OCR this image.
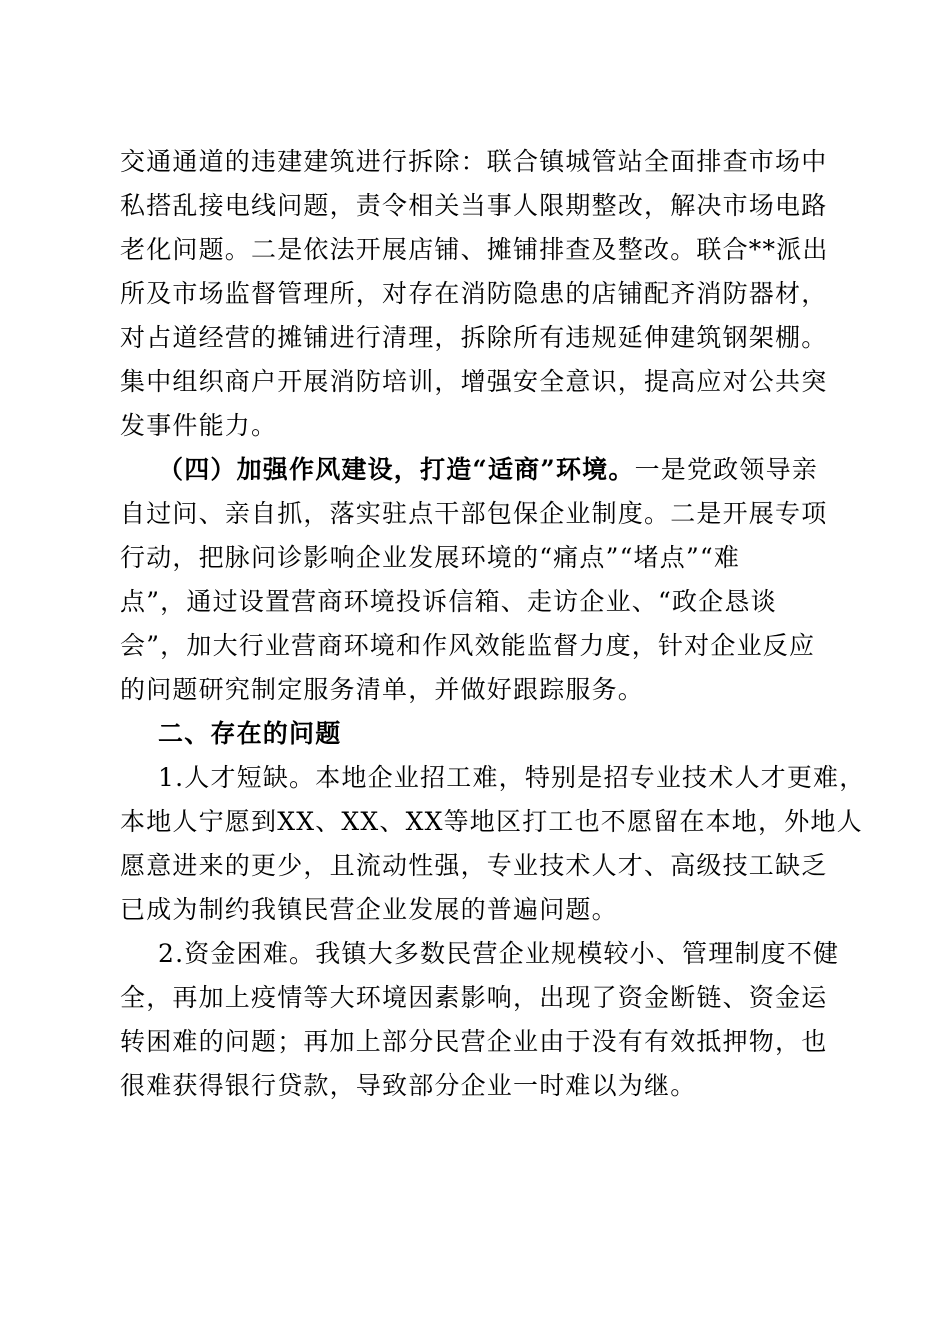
交通通道的违建建筑进行拆除：联合镇城管站全面排查市场中
私搭乱接电线问题，责令相关当事人限期整改，解决市场电路
老化问题。二是依法开展店铺、摊铺排查及整改。联合**派出
所及市场监督管理所，对存在消防隐患的店铺配齐消防器材，
对占道经营的摊铺进行清理，拆除所有违规延伸建筑钢架棚。
集中组织商户开展消防培训，增强安全意识，提高应对公共突
发事件能力。
（四）加强作风建设，打造“适商”环境。一是党政领导亲
自过问、亲自抓，落实驻点干部包保企业制度。二是开展专项
行动，把脉问诊影响企业发展环境的“痛点”“堵点”“难
点”，通过设置营商环境投诉信箱、走访企业、“政企恳谈
会”，加大行业营商环境和作风效能监督力度，针对企业反应
的问题研究制定服务清单，并做好跟踪服务。
二、存在的问题
1.人才短缺。本地企业招工难，特别是招专业技术人才更难，
本地人宁愿到XX、XX、XX等地区打工也不愿留在本地，外地人
愿意进来的更少，且流动性强，专业技术人才、高级技工缺乏
已成为制约我镇民营企业发展的普遍问题。
2.资金困难。我镇大多数民营企业规模较小、管理制度不健
全，再加上疫情等大环境因素影响，出现了资金断链、资金运
转困难的问题；再加上部分民营企业由于没有有效抵押物，也
很难获得银行贷款，导致部分企业一时难以为继。
